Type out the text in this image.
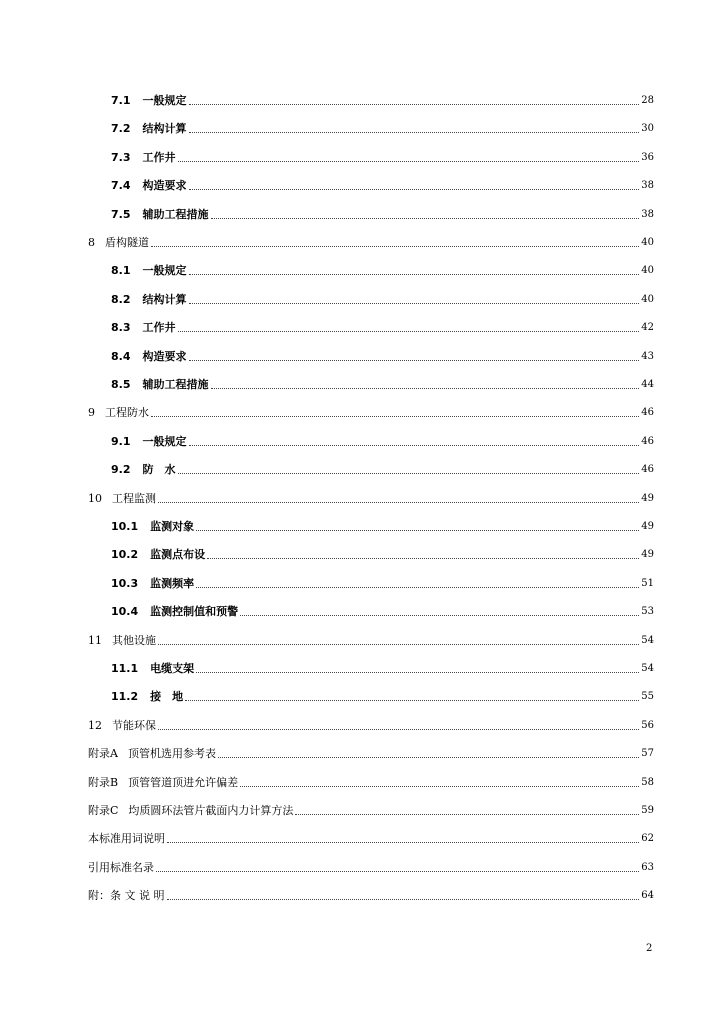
7.1 一般规定	28
7.2 结构计算	30
7.3 工作井	36
7.4 构造要求	38
7.5 辅助工程措施	38
8 盾构隧道	40
8.1 一般规定	40
8.2 结构计算	40
8.3 工作井	42
8.4 构造要求	43
8.5 辅助工程措施	44
9 工程防水	46
9.1 一般规定	46
9.2 防　水	46
10 工程监测	49
10.1 监测对象	49
10.2 监测点布设	49
10.3 监测频率	51
10.4 监测控制值和预警	53
11 其他设施	54
11.1 电缆支架	54
11.2 接　地	55
12 节能环保	56
附录A 顶管机选用参考表	57
附录B 顶管管道顶进允许偏差	58
附录C 均质圆环法管片截面内力计算方法	59
本标准用词说明	62
引用标准名录	63
附：条 文 说 明	64
2
